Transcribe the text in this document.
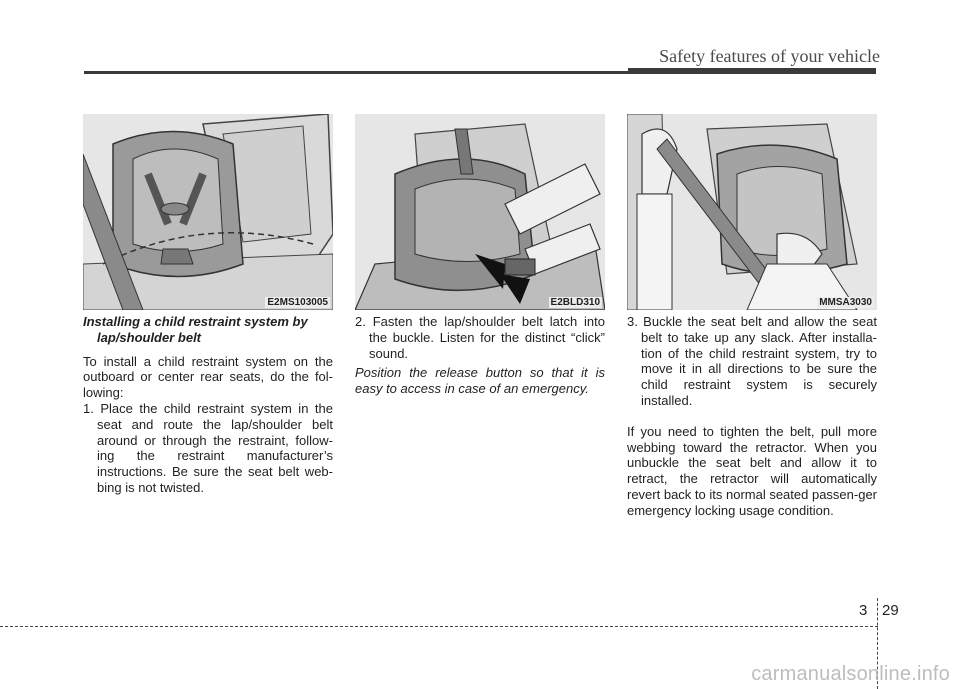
Safety features of your vehicle
E2MS103005	E2BLD310	MMSA3030

Installing a child restraint system by

lap/shoulder belt

To install a child restraint system on the outboard or center rear seats, do the fol-lowing:

1. Place the child restraint system in the seat and route the lap/shoulder belt around or through the restraint, follow-ing the restraint manufacturer’s instructions. Be sure the seat belt web-bing is not twisted.

2. Fasten the lap/shoulder belt latch into the buckle. Listen for the distinct “click” sound.

Position the release button so that it is easy to access in case of an emergency.

3. Buckle the seat belt and allow the seat belt to take up any slack. After installa-tion of the child restraint system, try to move it in all directions to be sure the child restraint system is securely installed.

If you need to tighten the belt, pull more webbing toward the retractor. When you unbuckle the seat belt and allow it to retract, the retractor will automatically revert back to its normal seated passen-ger emergency locking usage condition.

3 29
carmanualsonline.info
